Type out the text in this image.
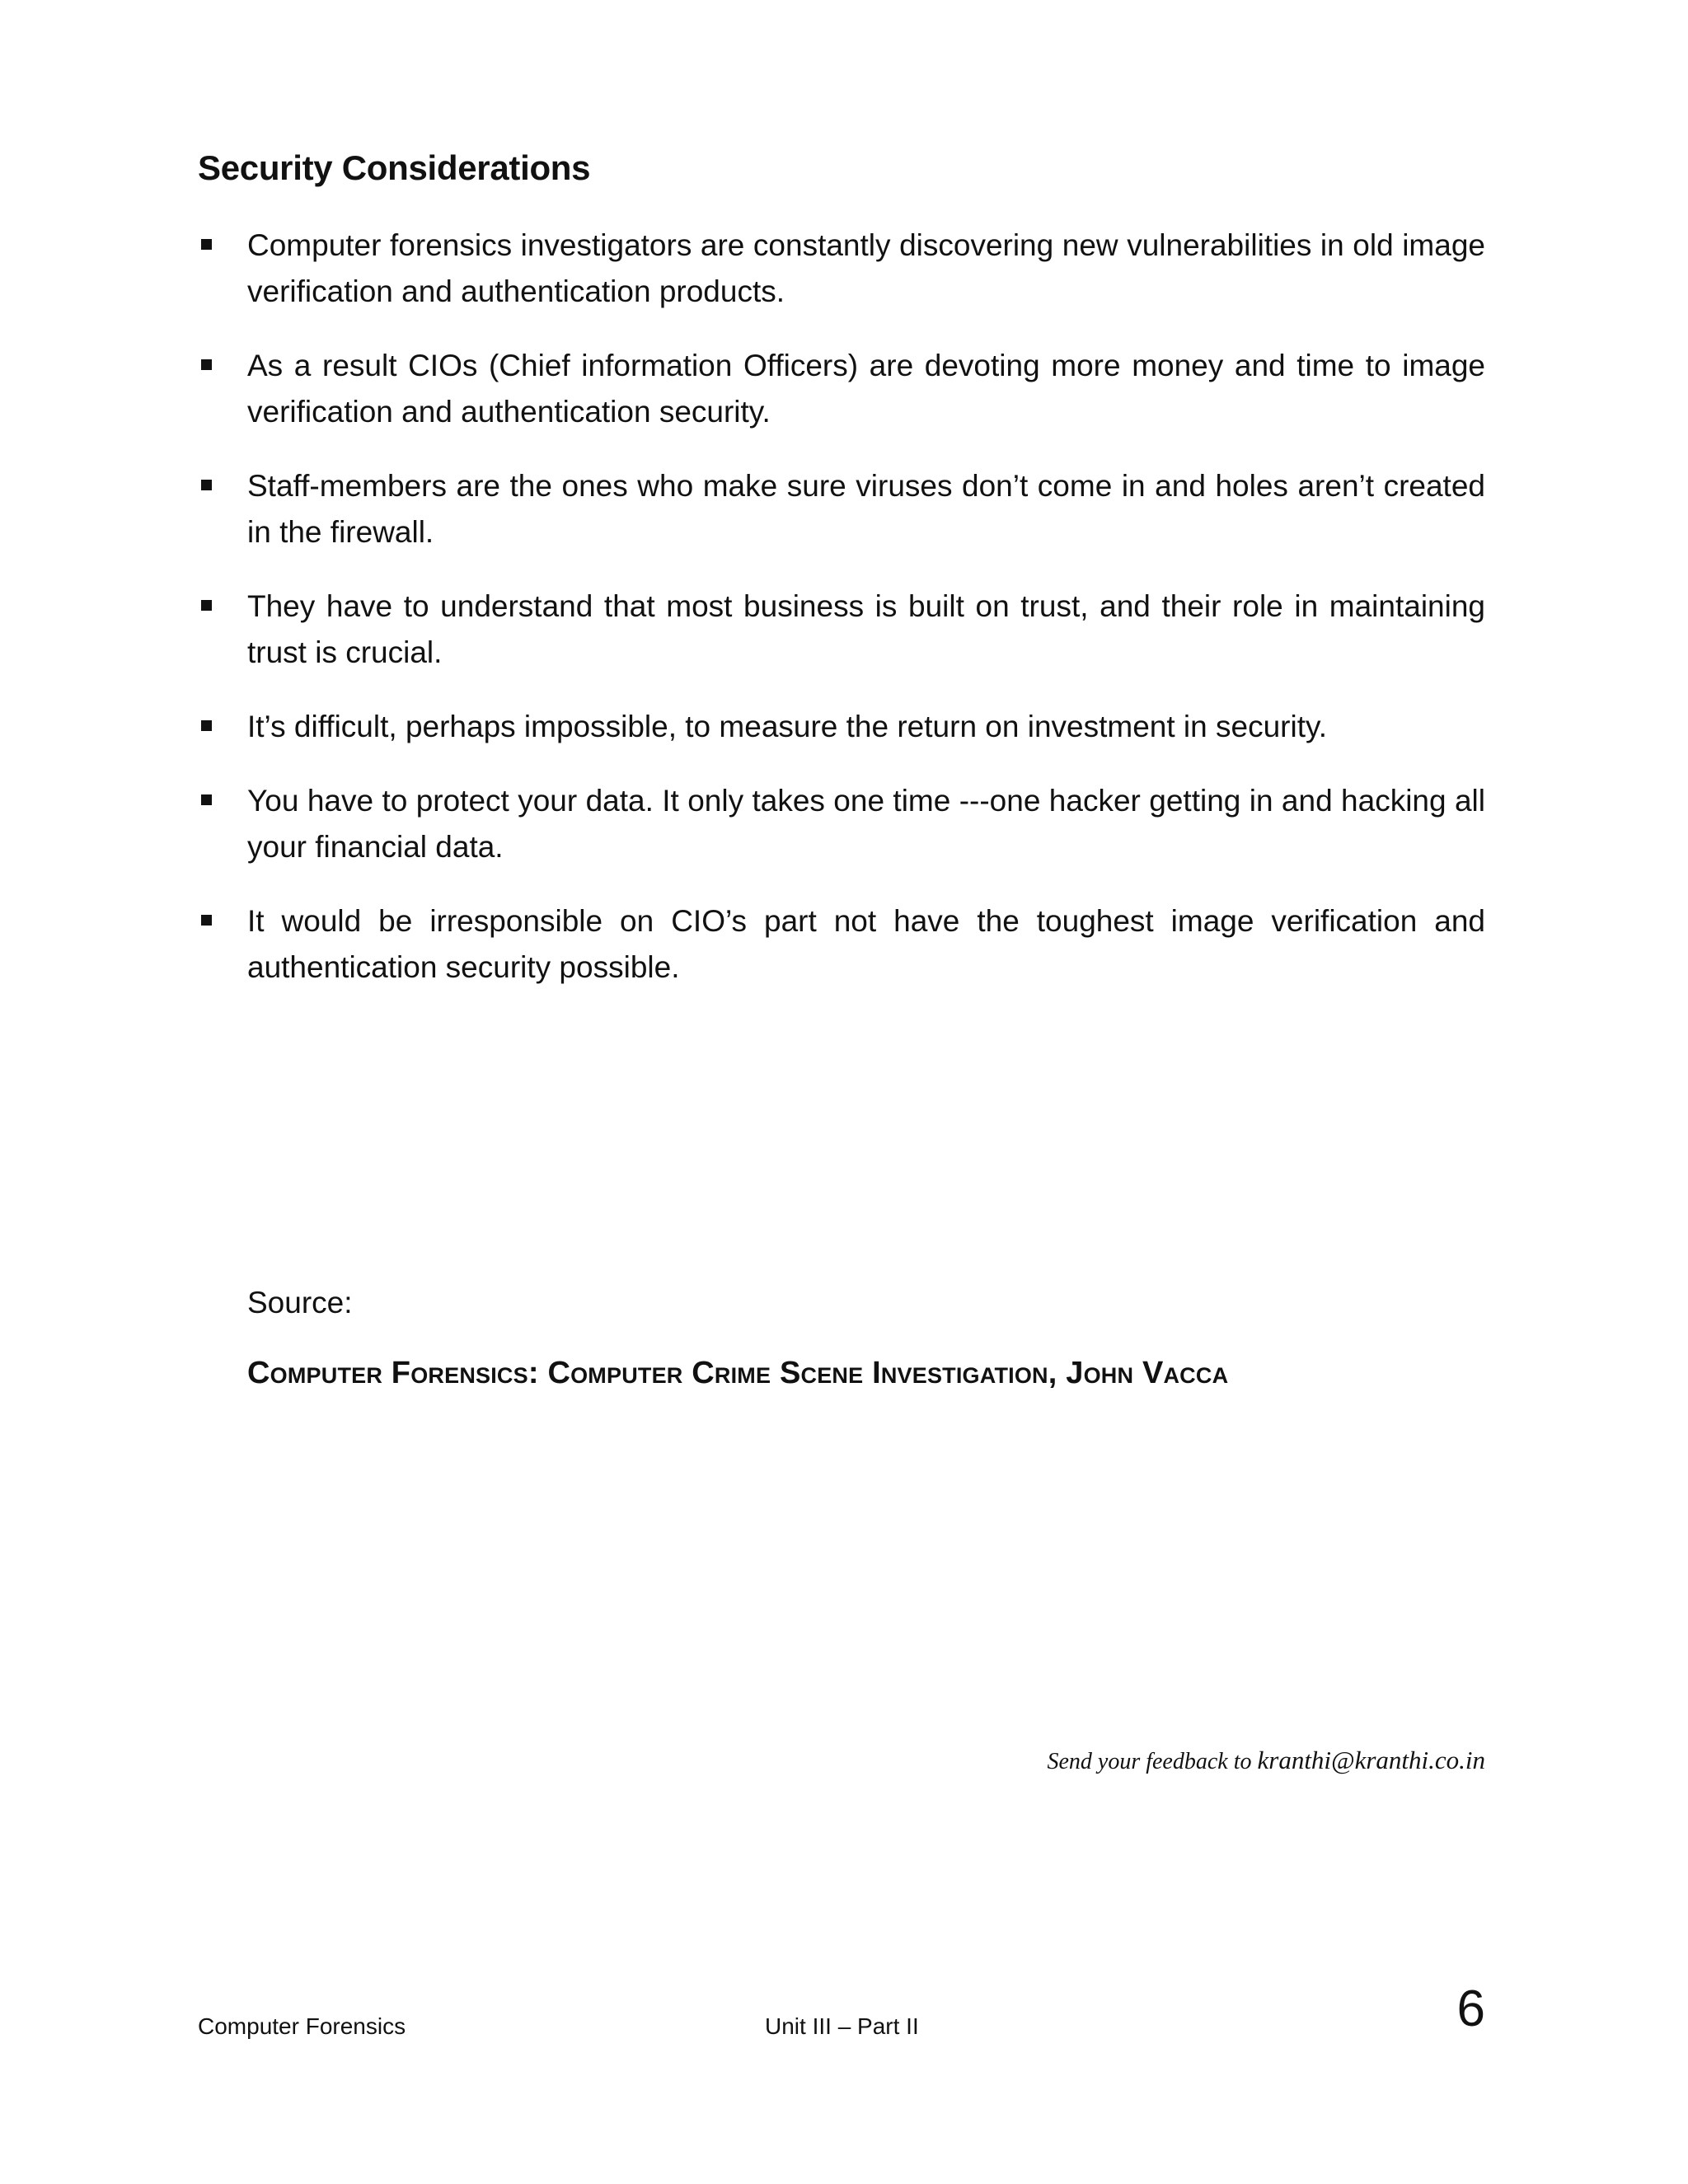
Security Considerations
Computer forensics investigators are constantly discovering new vulnerabilities in old image verification and authentication products.
As a result CIOs (Chief information Officers) are devoting more money and time to image verification and authentication security.
Staff-members are the ones who make sure viruses don’t come in and holes aren’t created in the firewall.
They have to understand that most business is built on trust, and their role in maintaining trust is crucial.
It’s difficult, perhaps impossible, to measure the return on investment in security.
You have to protect your data. It only takes one time ---one hacker getting in and hacking all your financial data.
It would be irresponsible on CIO’s part not have the toughest image verification and authentication security possible.

Source:

Computer Forensics: Computer Crime Scene Investigation, John Vacca

Send your feedback to kranthi@kranthi.co.in

Computer Forensics	Unit III – Part II	6
